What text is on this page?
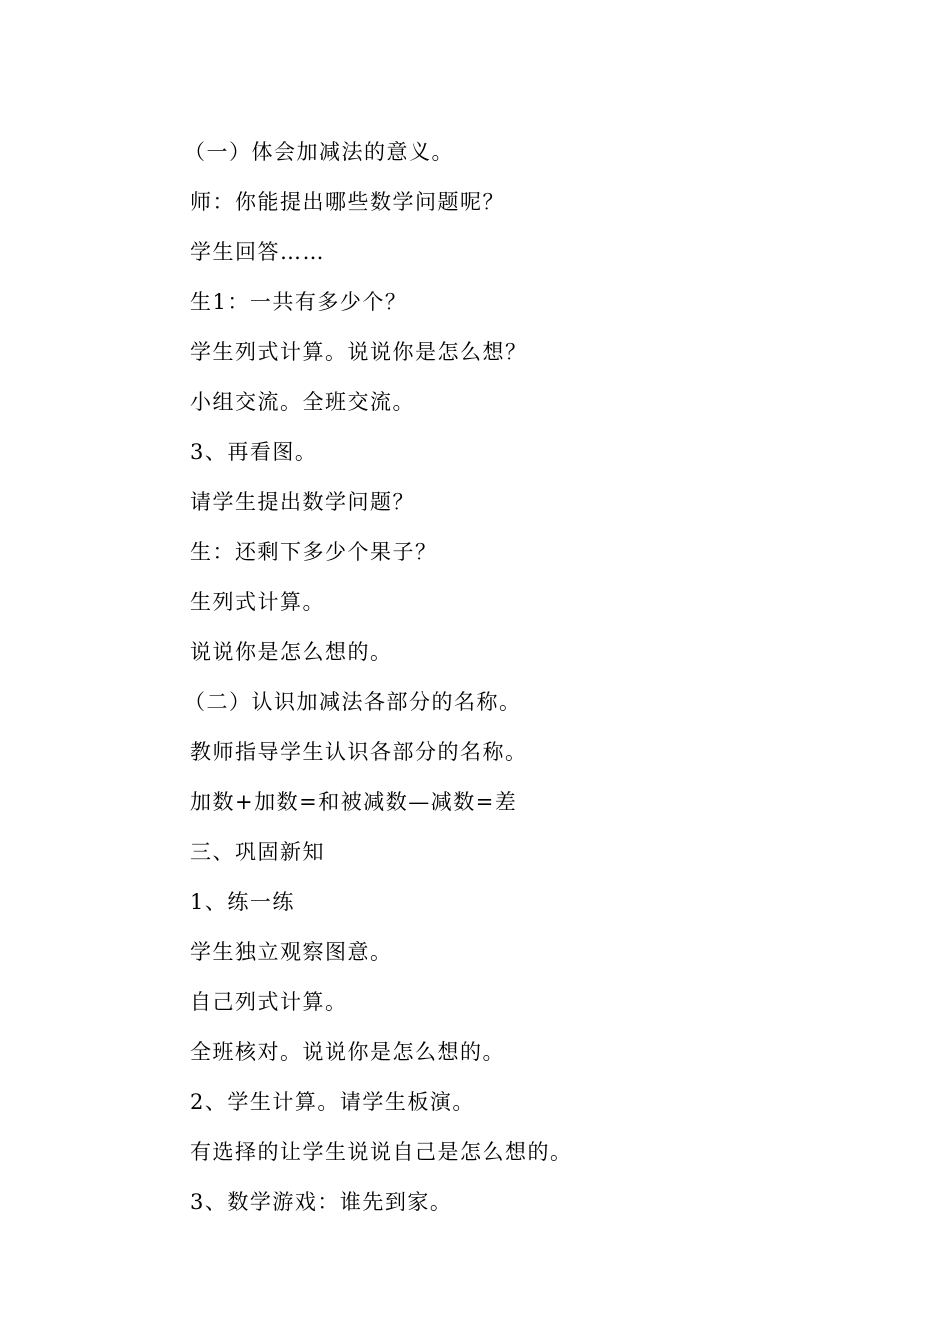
（一）体会加减法的意义。
师：你能提出哪些数学问题呢？
学生回答……
生1：一共有多少个？
学生列式计算。说说你是怎么想？
小组交流。全班交流。
3、再看图。
请学生提出数学问题？
生：还剩下多少个果子？
生列式计算。
说说你是怎么想的。
（二）认识加减法各部分的名称。
教师指导学生认识各部分的名称。
加数+加数=和被减数—减数=差
三、巩固新知
1、练一练
学生独立观察图意。
自己列式计算。
全班核对。说说你是怎么想的。
2、学生计算。请学生板演。
有选择的让学生说说自己是怎么想的。
3、数学游戏：谁先到家。
